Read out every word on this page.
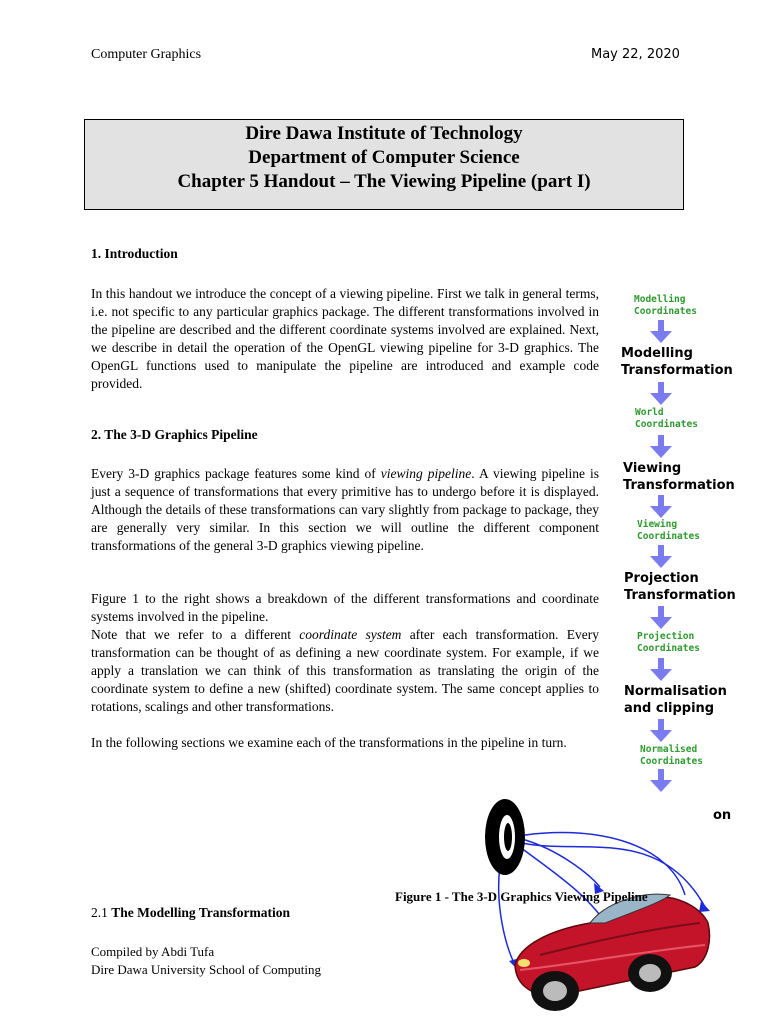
Computer Graphics	May 22, 2020
Dire Dawa Institute of Technology
Department of Computer Science
Chapter 5 Handout – The Viewing Pipeline (part I)
1. Introduction
In this handout we introduce the concept of a viewing pipeline. First we talk in general terms, i.e. not specific to any particular graphics package. The different transformations involved in the pipeline are described and the different coordinate systems involved are explained. Next, we describe in detail the operation of the OpenGL viewing pipeline for 3-D graphics. The OpenGL functions used to manipulate the pipeline are introduced and example code provided.
2. The 3-D Graphics Pipeline
Every 3-D graphics package features some kind of viewing pipeline. A viewing pipeline is just a sequence of transformations that every primitive has to undergo before it is displayed. Although the details of these transformations can vary slightly from package to package, they are generally very similar. In this section we will outline the different component transformations of the general 3-D graphics viewing pipeline.
Figure 1 to the right shows a breakdown of the different transformations and coordinate systems involved in the pipeline.
Note that we refer to a different coordinate system after each transformation. Every transformation can be thought of as defining a new coordinate system. For example, if we apply a translation we can think of this transformation as translating the origin of the coordinate system to define a new (shifted) coordinate system. The same concept applies to rotations, scalings and other transformations.
In the following sections we examine each of the transformations in the pipeline in turn.
2.1 The Modelling Transformation
Compiled by Abdi Tufa
Dire Dawa University School of Computing
Modelling
Coordinates
Modelling
Transformation
World
Coordinates
Viewing
Transformation
Viewing
Coordinates
Projection
Transformation
Projection
Coordinates
Normalisation
and clipping
Normalised
Coordinates
on
Figure 1 - The 3-D Graphics Viewing Pipeline
